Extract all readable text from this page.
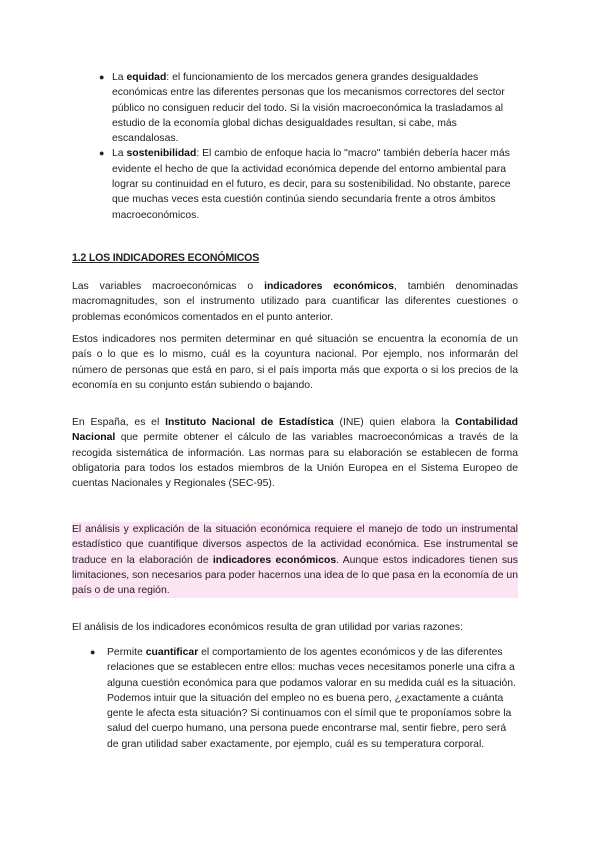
● La equidad: el funcionamiento de los mercados genera grandes desigualdades económicas entre las diferentes personas que los mecanismos correctores del sector público no consiguen reducir del todo. Si la visión macroeconómica la trasladamos al estudio de la economía global dichas desigualdades resultan, si cabe, más escandalosas.
● La sostenibilidad: El cambio de enfoque hacia lo "macro" también debería hacer más evidente el hecho de que la actividad económica depende del entorno ambiental para lograr su continuidad en el futuro, es decir, para su sostenibilidad. No obstante, parece que muchas veces esta cuestión continúa siendo secundaria frente a otros ámbitos macroeconómicos.
1.2 LOS INDICADORES ECONÓMICOS

Las variables macroeconómicas o indicadores económicos, también denominadas macromagnitudes, son el instrumento utilizado para cuantificar las diferentes cuestiones o problemas económicos comentados en el punto anterior.

Estos indicadores nos permiten determinar en qué situación se encuentra la economía de un país o lo que es lo mismo, cuál es la coyuntura nacional. Por ejemplo, nos informarán del número de personas que está en paro, si el país importa más que exporta o si los precios de la economía en su conjunto están subiendo o bajando.

En España, es el Instituto Nacional de Estadística (INE) quien elabora la Contabilidad Nacional que permite obtener el cálculo de las variables macroeconómicas a través de la recogida sistemática de información. Las normas para su elaboración se establecen de forma obligatoria para todos los estados miembros de la Unión Europea en el Sistema Europeo de cuentas Nacionales y Regionales (SEC-95).

El análisis y explicación de la situación económica requiere el manejo de todo un instrumental estadístico que cuantifique diversos aspectos de la actividad económica. Ese instrumental se traduce en la elaboración de indicadores económicos. Aunque estos indicadores tienen sus limitaciones, son necesarios para poder hacernos una idea de lo que pasa en la economía de un país o de una región.

El análisis de los indicadores económicos resulta de gran utilidad por varias razones:

● Permite cuantificar el comportamiento de los agentes económicos y de las diferentes relaciones que se establecen entre ellos: muchas veces necesitamos ponerle una cifra a alguna cuestión económica para que podamos valorar en su medida cuál es la situación. Podemos intuir que la situación del empleo no es buena pero, ¿exactamente a cuánta gente le afecta esta situación? Si continuamos con el símil que te proponíamos sobre la salud del cuerpo humano, una persona puede encontrarse mal, sentir fiebre, pero será de gran utilidad saber exactamente, por ejemplo, cuál es su temperatura corporal.
